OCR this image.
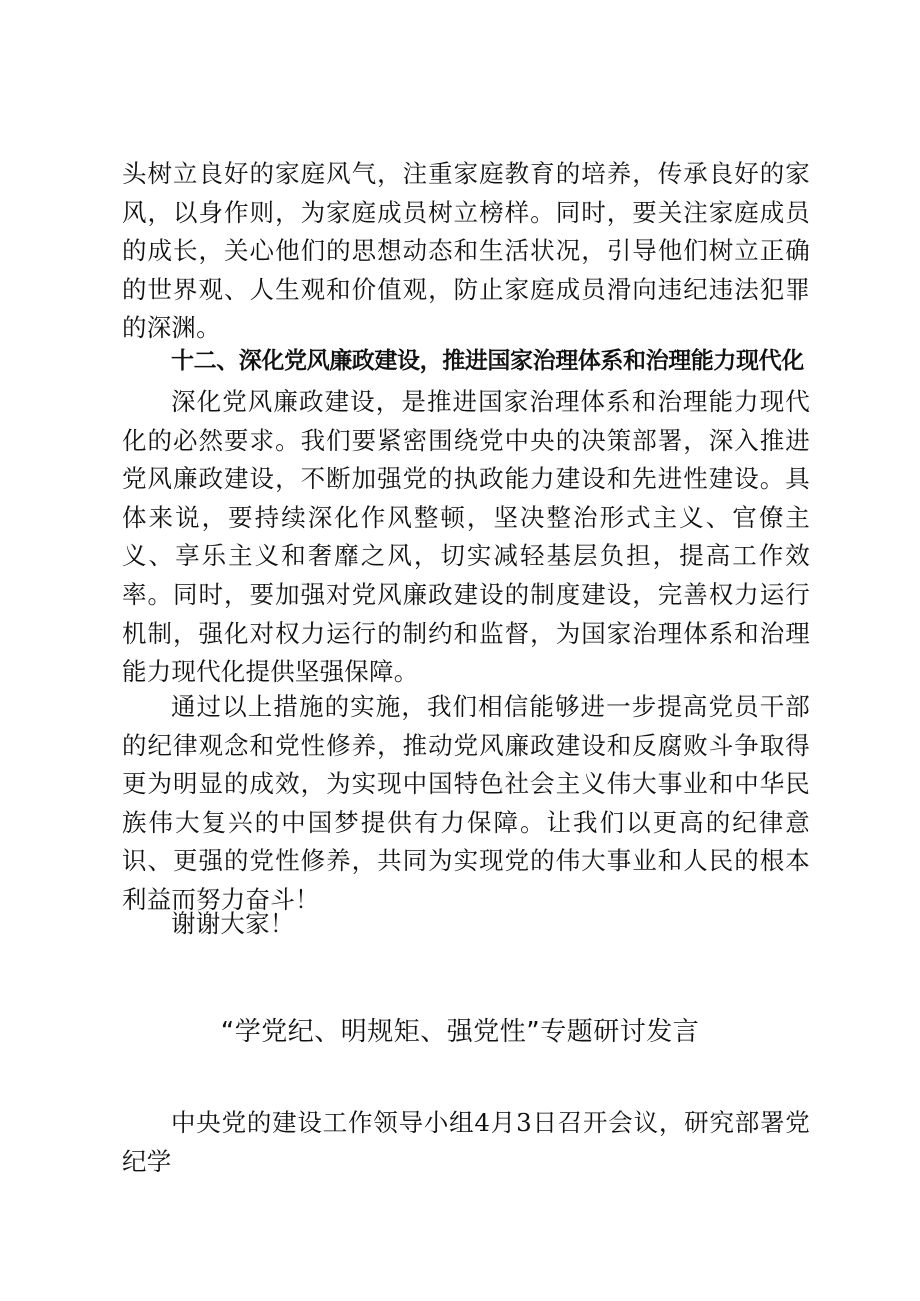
头树立良好的家庭风气，注重家庭教育的培养，传承良好的家风，以身作则，为家庭成员树立榜样。同时，要关注家庭成员的成长，关心他们的思想动态和生活状况，引导他们树立正确的世界观、人生观和价值观，防止家庭成员滑向违纪违法犯罪的深渊。
十二、深化党风廉政建设，推进国家治理体系和治理能力现代化
深化党风廉政建设，是推进国家治理体系和治理能力现代化的必然要求。我们要紧密围绕党中央的决策部署，深入推进党风廉政建设，不断加强党的执政能力建设和先进性建设。具体来说，要持续深化作风整顿，坚决整治形式主义、官僚主义、享乐主义和奢靡之风，切实减轻基层负担，提高工作效率。同时，要加强对党风廉政建设的制度建设，完善权力运行机制，强化对权力运行的制约和监督，为国家治理体系和治理能力现代化提供坚强保障。
通过以上措施的实施，我们相信能够进一步提高党员干部的纪律观念和党性修养，推动党风廉政建设和反腐败斗争取得更为明显的成效，为实现中国特色社会主义伟大事业和中华民族伟大复兴的中国梦提供有力保障。让我们以更高的纪律意识、更强的党性修养，共同为实现党的伟大事业和人民的根本利益而努力奋斗！
谢谢大家！
“学党纪、明规矩、强党性”专题研讨发言
中央党的建设工作领导小组4月3日召开会议，研究部署党纪学
